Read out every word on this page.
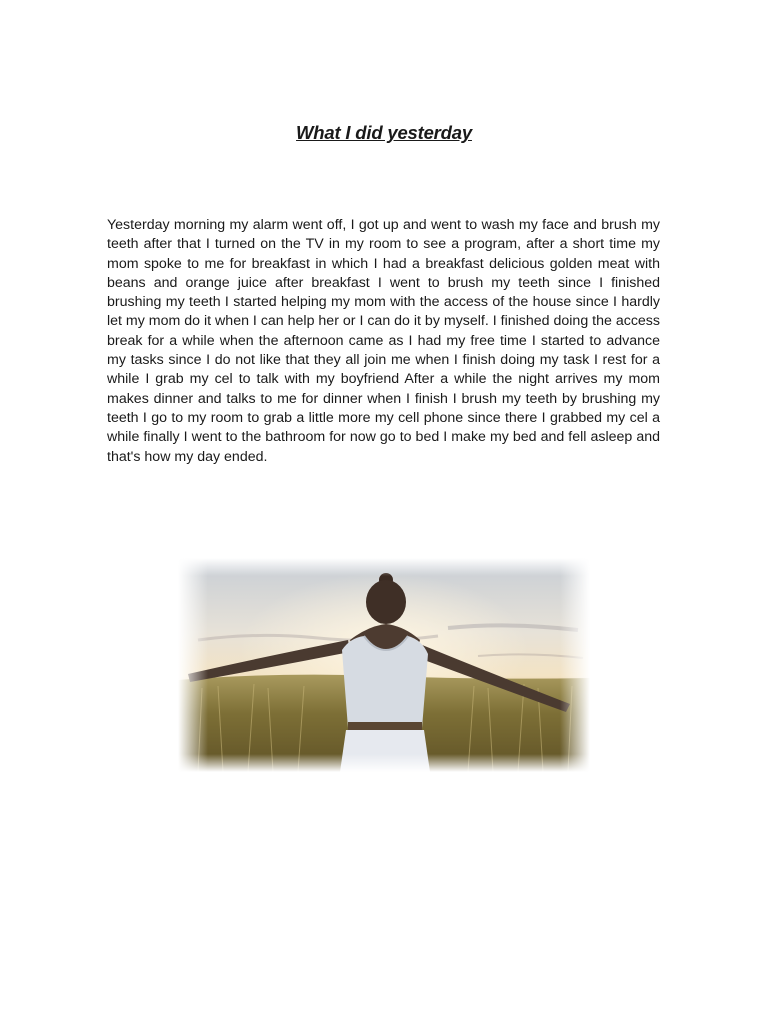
What I did yesterday

Yesterday morning my alarm went off, I got up and went to wash my face and brush my teeth after that I turned on the TV in my room to see a program, after a short time my mom spoke to me for breakfast in which I had a breakfast delicious golden meat with beans and orange juice after breakfast I went to brush my teeth since I finished brushing my teeth I started helping my mom with the access of the house since I hardly let my mom do it when I can help her or I can do it by myself. I finished doing the access break for a while when the afternoon came as I had my free time I started to advance my tasks since I do not like that they all join me when I finish doing my task I rest for a while I grab my cel to talk with my boyfriend After a while the night arrives my mom makes dinner and talks to me for dinner when I finish I brush my teeth by brushing my teeth I go to my room to grab a little more my cell phone since there I grabbed my cel a while finally I went to the bathroom for now go to bed I make my bed and fell asleep and that's how my day ended.
